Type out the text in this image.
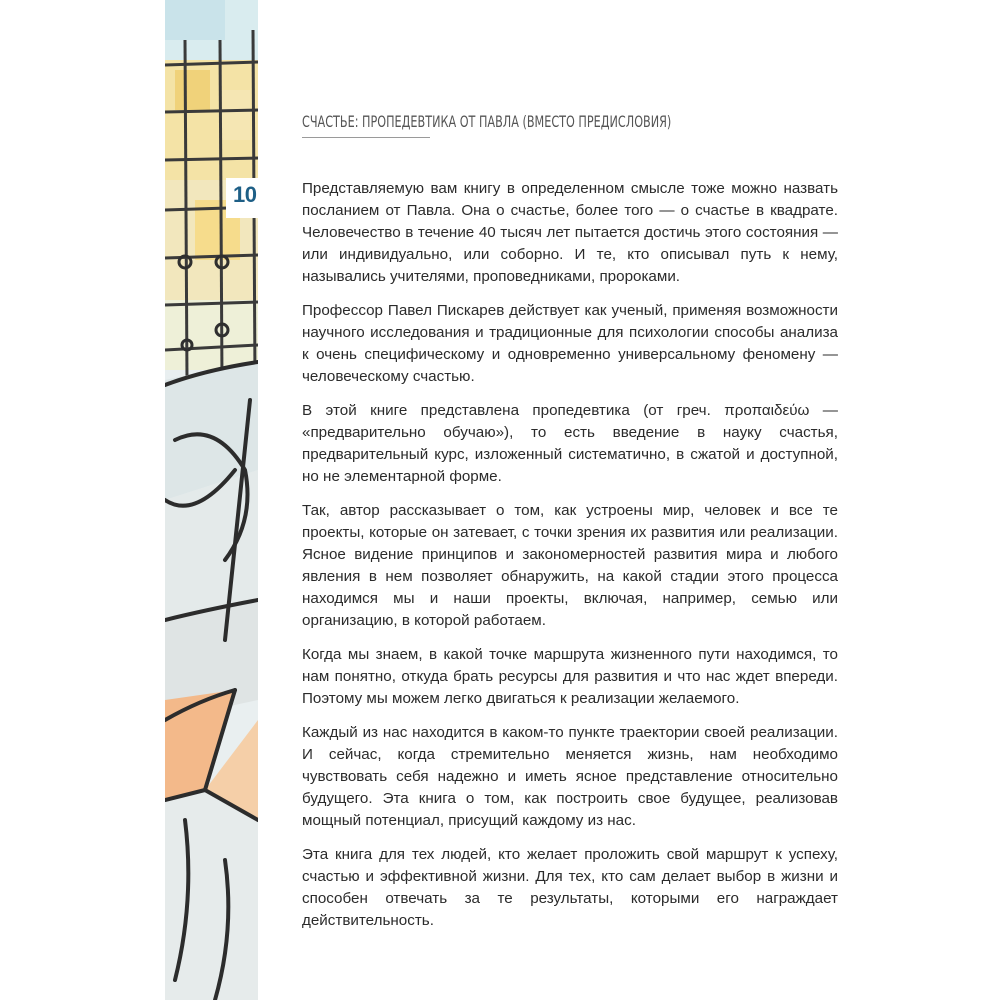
10
СЧАСТЬЕ: ПРОПЕДЕВТИКА ОТ ПАВЛА (ВМЕСТО ПРЕДИСЛОВИЯ)

Представляемую вам книгу в определенном смысле тоже можно назвать посланием от Павла. Она о счастье, более того — о счастье в квадрате. Человечество в течение 40 тысяч лет пытается достичь этого состояния — или индивидуально, или соборно. И те, кто описывал путь к нему, назывались учителями, проповедниками, пророками.

Профессор Павел Пискарев действует как ученый, применяя возможности научного исследования и традиционные для психологии способы анализа к очень специфическому и одновременно универсальному феномену — человеческому счастью.

В этой книге представлена пропедевтика (от греч. προπαιδεύω — «предварительно обучаю»), то есть введение в науку счастья, предварительный курс, изложенный систематично, в сжатой и доступной, но не элементарной форме.

Так, автор рассказывает о том, как устроены мир, человек и все те проекты, которые он затевает, с точки зрения их развития или реализации. Ясное видение принципов и закономерностей развития мира и любого явления в нем позволяет обнаружить, на какой стадии этого процесса находимся мы и наши проекты, включая, например, семью или организацию, в которой работаем.

Когда мы знаем, в какой точке маршрута жизненного пути находимся, то нам понятно, откуда брать ресурсы для развития и что нас ждет впереди. Поэтому мы можем легко двигаться к реализации желаемого.

Каждый из нас находится в каком-то пункте траектории своей реализации. И сейчас, когда стремительно меняется жизнь, нам необходимо чувствовать себя надежно и иметь ясное представление относительно будущего. Эта книга о том, как построить свое будущее, реализовав мощный потенциал, присущий каждому из нас.

Эта книга для тех людей, кто желает проложить свой маршрут к успеху, счастью и эффективной жизни. Для тех, кто сам делает выбор в жизни и способен отвечать за те результаты, которыми его награждает действительность.
